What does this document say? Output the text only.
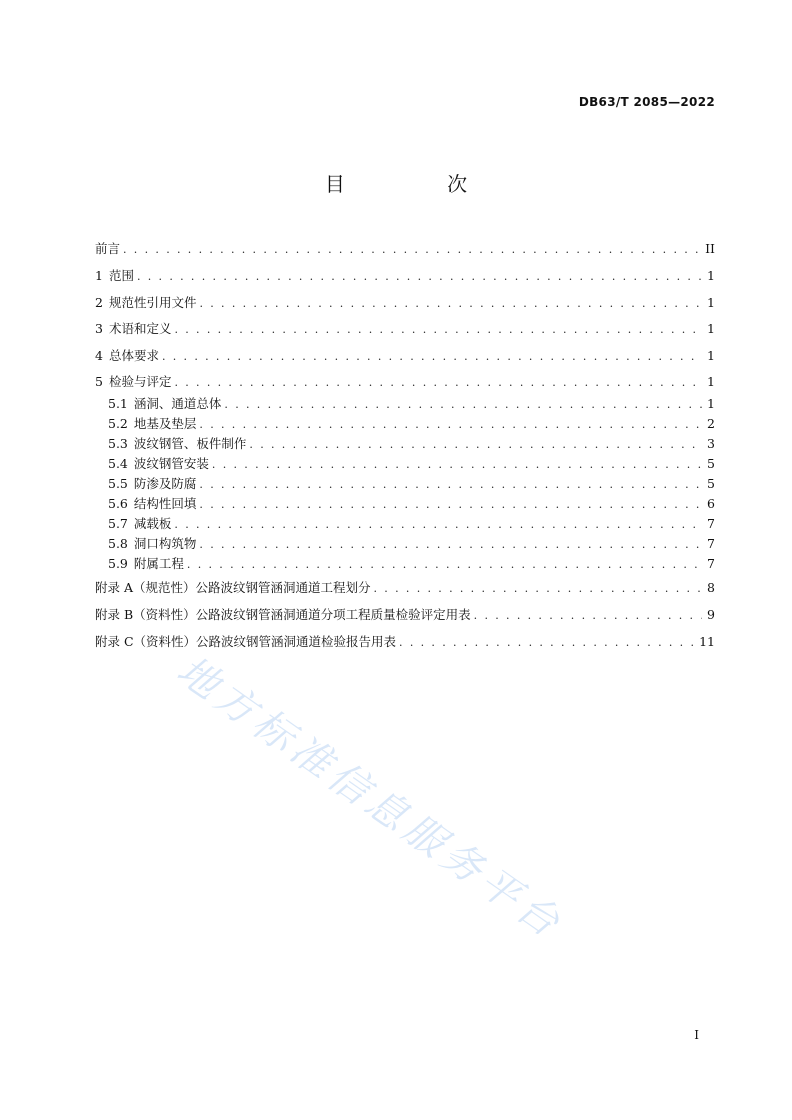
DB63/T 2085—2022
目 次
前言 . . .	II
1 范围 . . .	1
2 规范性引用文件 . . .	1
3 术语和定义 . . .	1
4 总体要求 . . .	1
5 检验与评定 . . .	1
5.1 涵洞、通道总体 . . .	1
5.2 地基及垫层 . . .	2
5.3 波纹钢管、板件制作 . . .	3
5.4 波纹钢管安装 . . .	5
5.5 防渗及防腐 . . .	5
5.6 结构性回填 . . .	6
5.7 减载板 . . .	7
5.8 洞口构筑物 . . .	7
5.9 附属工程 . . .	7
附录 A（规范性）公路波纹钢管涵洞通道工程划分 . . .	8
附录 B（资料性）公路波纹钢管涵洞通道分项工程质量检验评定用表 . . .	9
附录 C（资料性）公路波纹钢管涵洞通道检验报告用表 . . .	11
地方标准信息服务平台
I
